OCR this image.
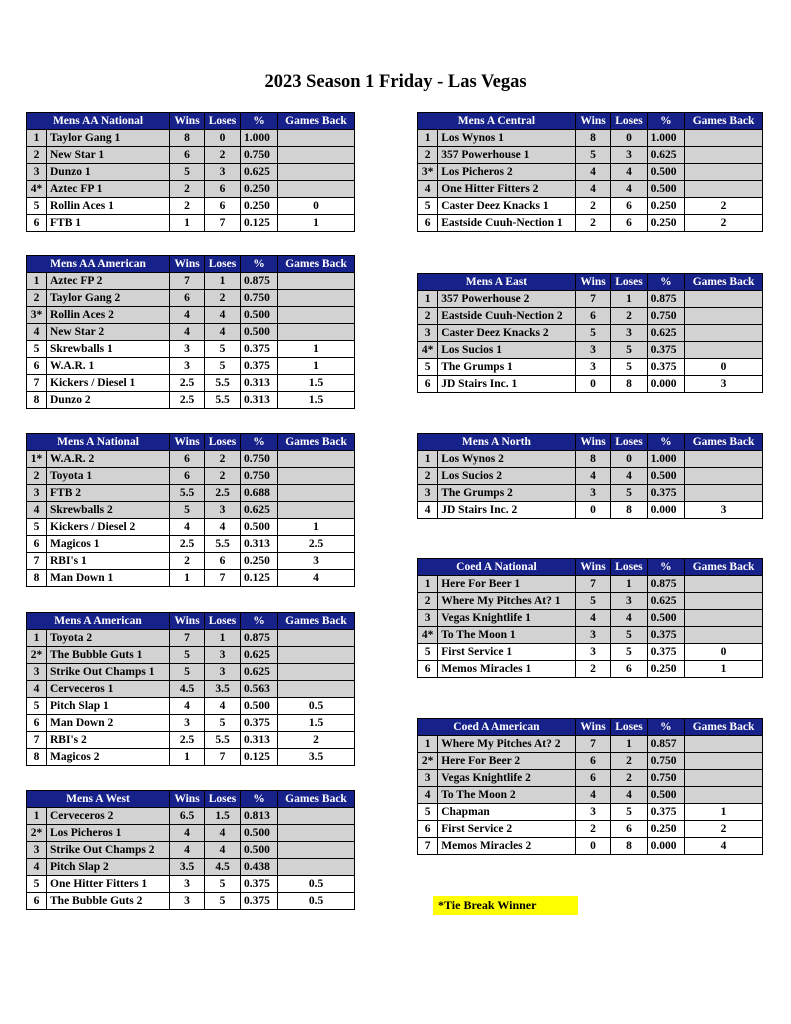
2023 Season 1 Friday - Las Vegas
Mens AA National		Wins	Loses	%	Games Back
1	Taylor Gang 1	8	0	1.000	
2	New Star 1	6	2	0.750	
3	Dunzo 1	5	3	0.625	
4*	Aztec FP 1	2	6	0.250	
5	Rollin Aces 1	2	6	0.250	0
6	FTB 1	1	7	0.125	1
Mens AA American		Wins	Loses	%	Games Back
1	Aztec FP 2	7	1	0.875	
2	Taylor Gang 2	6	2	0.750	
3*	Rollin Aces 2	4	4	0.500	
4	New Star 2	4	4	0.500	
5	Skrewballs 1	3	5	0.375	1
6	W.A.R. 1	3	5	0.375	1
7	Kickers / Diesel 1	2.5	5.5	0.313	1.5
8	Dunzo 2	2.5	5.5	0.313	1.5
Mens A National		Wins	Loses	%	Games Back
1*	W.A.R. 2	6	2	0.750	
2	Toyota 1	6	2	0.750	
3	FTB 2	5.5	2.5	0.688	
4	Skrewballs 2	5	3	0.625	
5	Kickers / Diesel 2	4	4	0.500	1
6	Magicos 1	2.5	5.5	0.313	2.5
7	RBI's 1	2	6	0.250	3
8	Man Down 1	1	7	0.125	4
Mens A American		Wins	Loses	%	Games Back
1	Toyota 2	7	1	0.875	
2*	The Bubble Guts 1	5	3	0.625	
3	Strike Out Champs 1	5	3	0.625	
4	Cerveceros 1	4.5	3.5	0.563	
5	Pitch Slap 1	4	4	0.500	0.5
6	Man Down 2	3	5	0.375	1.5
7	RBI's 2	2.5	5.5	0.313	2
8	Magicos 2	1	7	0.125	3.5
Mens A West		Wins	Loses	%	Games Back
1	Cerveceros 2	6.5	1.5	0.813	
2*	Los Picheros 1	4	4	0.500	
3	Strike Out Champs 2	4	4	0.500	
4	Pitch Slap 2	3.5	4.5	0.438	
5	One Hitter Fitters 1	3	5	0.375	0.5
6	The Bubble Guts 2	3	5	0.375	0.5
Mens A Central		Wins	Loses	%	Games Back
1	Los Wynos 1	8	0	1.000	
2	357 Powerhouse 1	5	3	0.625	
3*	Los Picheros 2	4	4	0.500	
4	One Hitter Fitters 2	4	4	0.500	
5	Caster Deez Knacks 1	2	6	0.250	2
6	Eastside Cuuh-Nection 1	2	6	0.250	2
Mens A East		Wins	Loses	%	Games Back
1	357 Powerhouse 2	7	1	0.875	
2	Eastside Cuuh-Nection 2	6	2	0.750	
3	Caster Deez Knacks 2	5	3	0.625	
4*	Los Sucios 1	3	5	0.375	
5	The Grumps 1	3	5	0.375	0
6	JD Stairs Inc. 1	0	8	0.000	3
Mens A North		Wins	Loses	%	Games Back
1	Los Wynos 2	8	0	1.000	
2	Los Sucios 2	4	4	0.500	
3	The Grumps 2	3	5	0.375	
4	JD Stairs Inc. 2	0	8	0.000	3
Coed A National		Wins	Loses	%	Games Back
1	Here For Beer 1	7	1	0.875	
2	Where My Pitches At? 1	5	3	0.625	
3	Vegas Knightlife 1	4	4	0.500	
4*	To The Moon 1	3	5	0.375	
5	First Service 1	3	5	0.375	0
6	Memos Miracles 1	2	6	0.250	1
Coed A American		Wins	Loses	%	Games Back
1	Where My Pitches At? 2	7	1	0.857	
2*	Here For Beer 2	6	2	0.750	
3	Vegas Knightlife 2	6	2	0.750	
4	To The Moon 2	4	4	0.500	
5	Chapman	3	5	0.375	1
6	First Service 2	2	6	0.250	2
7	Memos Miracles 2	0	8	0.000	4
*Tie Break Winner
